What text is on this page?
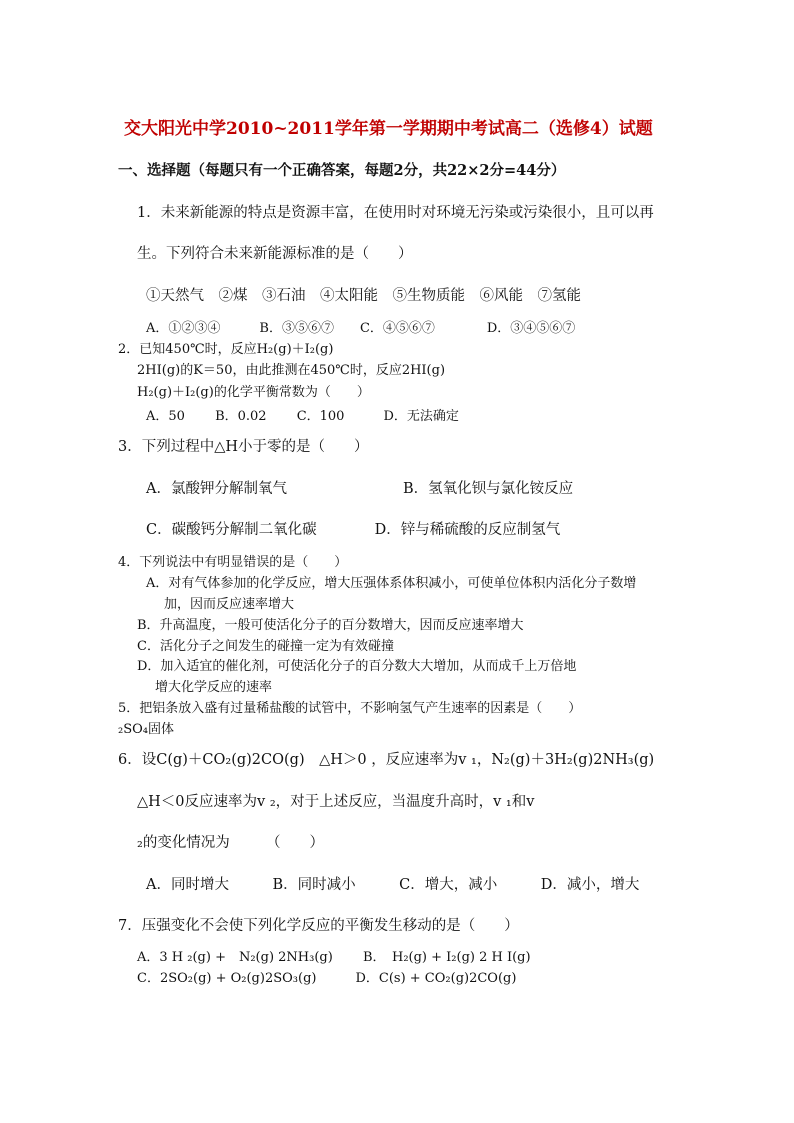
交大阳光中学2010~2011学年第一学期期中考试高二（选修4）试题
一、选择题（每题只有一个正确答案，每题2分，共22×2分=44分）
1．未来新能源的特点是资源丰富，在使用时对环境无污染或污染很小，且可以再
生。下列符合未来新能源标准的是（　　）
①天然气　②煤　③石油　④太阳能　⑤生物质能　⑥风能　⑦氢能
A．①②③④　　　B．③⑤⑥⑦　　C．④⑤⑥⑦　　　　D．③④⑤⑥⑦
2．已知450℃时，反应H₂(g)＋I₂(g)
2HI(g)的K＝50，由此推测在450℃时，反应2HI(g)
H₂(g)＋I₂(g)的化学平衡常数为（　　）
A．50　　 B．0.02　　 C．100　　　D．无法确定
3．下列过程中△H小于零的是（　　）
A．氯酸钾分解制氧气　　　　　　　　B．氢氧化钡与氯化铵反应
C．碳酸钙分解制二氧化碳　　　　D．锌与稀硫酸的反应制氢气
4．下列说法中有明显错误的是（　　）
A．对有气体参加的化学反应，增大压强体系体积减小，可使单位体积内活化分子数增
加，因而反应速率增大
B．升高温度，一般可使活化分子的百分数增大，因而反应速率增大
C．活化分子之间发生的碰撞一定为有效碰撞
D．加入适宜的催化剂，可使活化分子的百分数大大增加，从而成千上万倍地
增大化学反应的速率
5．把铝条放入盛有过量稀盐酸的试管中，不影响氢气产生速率的因素是（　　）
₂SO₄固体
6．设C(g)＋CO₂(g)2CO(g)　△H＞0 ，反应速率为v ₁，N₂(g)＋3H₂(g)2NH₃(g)
△H＜0反应速率为v ₂，对于上述反应，当温度升高时，v ₁和v
₂的变化情况为　　　（　　）
A．同时增大　　　B．同时减小　　　C．增大，减小　　　D．减小，增大
7．压强变化不会使下列化学反应的平衡发生移动的是（　　）
A．3 H ₂(g) +　N₂(g) 2NH₃(g)　　 B．　H₂(g) + I₂(g) 2 H I(g)
C．2SO₂(g) + O₂(g)2SO₃(g)　　　D．C(s) + CO₂(g)2CO(g)
